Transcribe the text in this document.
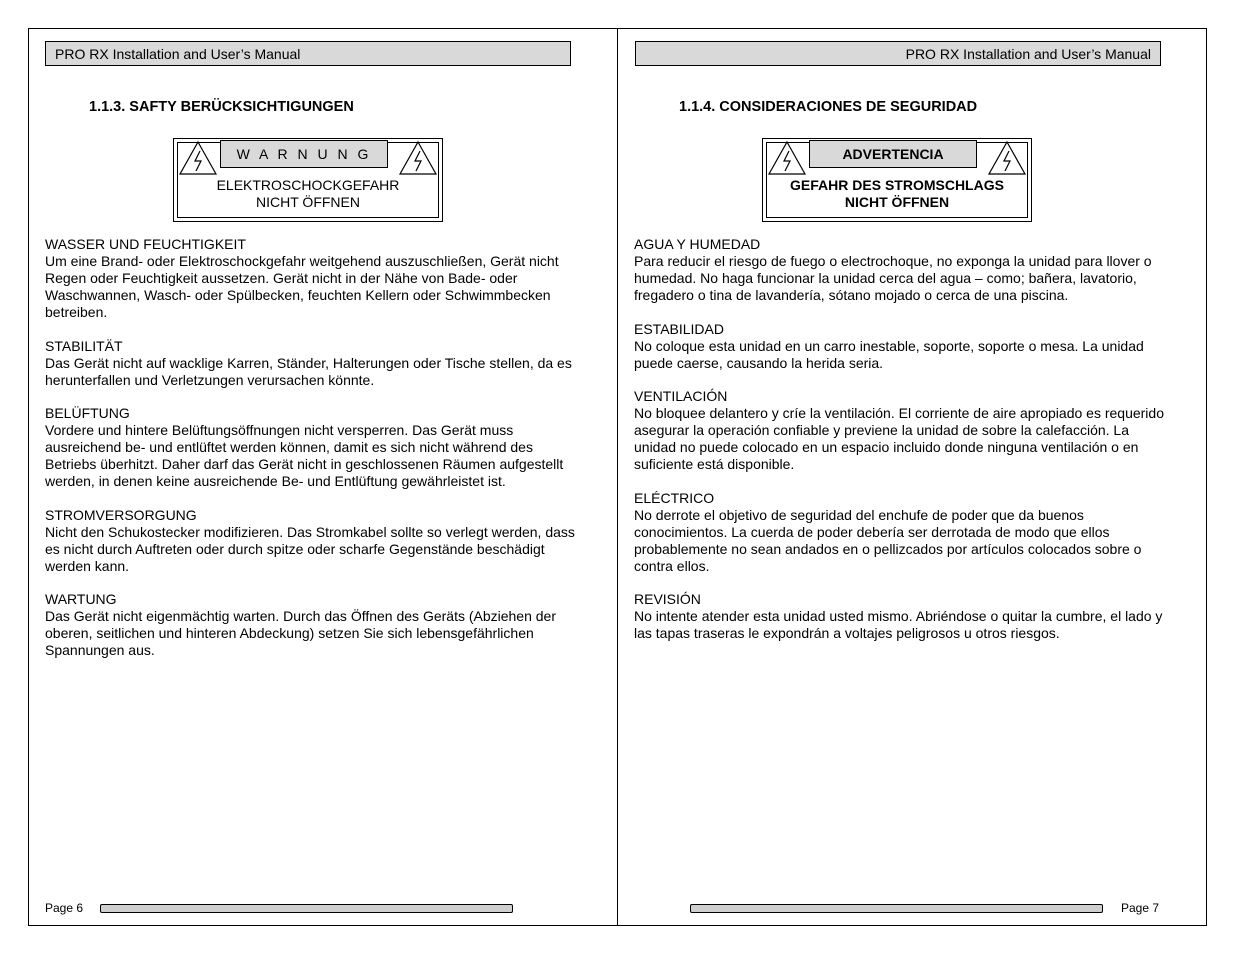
PRO RX Installation and User’s Manual
1.1.3. SAFTY BERÜCKSICHTIGUNGEN
W A R N U N G
ELEKTROSCHOCKGEFAHR
NICHT ÖFFNEN
WASSER UND FEUCHTIGKEIT
Um eine Brand- oder Elektroschockgefahr weitgehend auszuschließen, Gerät nicht Regen oder Feuchtigkeit aussetzen. Gerät nicht in der Nähe von Bade- oder Waschwannen, Wasch- oder Spülbecken, feuchten Kellern oder Schwimmbecken betreiben.
STABILITÄT
Das Gerät nicht auf wacklige Karren, Ständer, Halterungen oder Tische stellen, da es herunterfallen und Verletzungen verursachen könnte.
BELÜFTUNG
Vordere und hintere Belüftungsöffnungen nicht versperren. Das Gerät muss ausreichend be- und entlüftet werden können, damit es sich nicht während des Betriebs überhitzt. Daher darf das Gerät nicht in geschlossenen Räumen aufgestellt werden, in denen keine ausreichende Be- und Entlüftung gewährleistet ist.
STROMVERSORGUNG
Nicht den Schukostecker modifizieren. Das Stromkabel sollte so verlegt werden, dass es nicht durch Auftreten oder durch spitze oder scharfe Gegenstände beschädigt werden kann.
WARTUNG
Das Gerät nicht eigenmächtig warten. Durch das Öffnen des Geräts (Abziehen der oberen, seitlichen und hinteren Abdeckung) setzen Sie sich lebensgefährlichen Spannungen aus.
Page 6
PRO RX Installation and User’s Manual
1.1.4. CONSIDERACIONES DE SEGURIDAD
ADVERTENCIA
GEFAHR DES STROMSCHLAGS
NICHT ÖFFNEN
AGUA Y HUMEDAD
Para reducir el riesgo de fuego o electrochoque, no exponga la unidad para llover o humedad. No haga funcionar la unidad cerca del agua – como; bañera, lavatorio, fregadero o tina de lavandería, sótano mojado o cerca de una piscina.
ESTABILIDAD
No coloque esta unidad en un carro inestable, soporte, soporte o mesa. La unidad puede caerse, causando la herida seria.
VENTILACIÓN
No bloquee delantero y críe la ventilación. El corriente de aire apropiado es requerido asegurar la operación confiable y previene la unidad de sobre la calefacción. La unidad no puede colocado en un espacio incluido donde ninguna ventilación o en suficiente está disponible.
ELÉCTRICO
No derrote el objetivo de seguridad del enchufe de poder que da buenos conocimientos. La cuerda de poder debería ser derrotada de modo que ellos probablemente no sean andados en o pellizcados por artículos colocados sobre o contra ellos.
REVISIÓN
No intente atender esta unidad usted mismo. Abriéndose o quitar la cumbre, el lado y las tapas traseras le expondrán a voltajes peligrosos u otros riesgos.
Page 7
